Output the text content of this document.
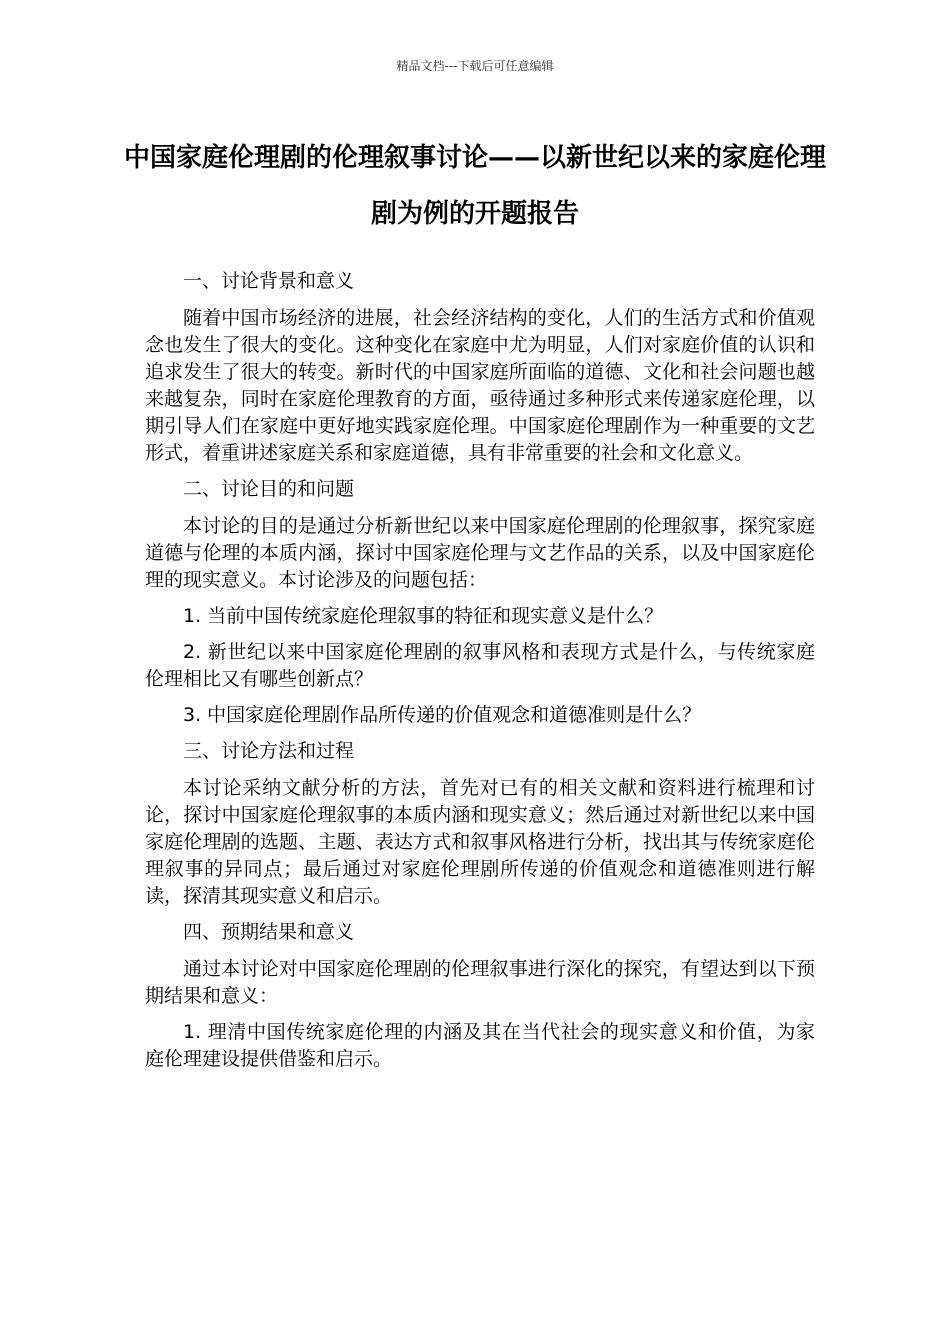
精品文档---下载后可任意编辑
中国家庭伦理剧的伦理叙事讨论——以新世纪以来的家庭伦理剧为例的开题报告

一、讨论背景和意义

随着中国市场经济的进展，社会经济结构的变化，人们的生活方式和价值观念也发生了很大的变化。这种变化在家庭中尤为明显，人们对家庭价值的认识和追求发生了很大的转变。新时代的中国家庭所面临的道德、文化和社会问题也越来越复杂，同时在家庭伦理教育的方面，亟待通过多种形式来传递家庭伦理，以期引导人们在家庭中更好地实践家庭伦理。中国家庭伦理剧作为一种重要的文艺形式，着重讲述家庭关系和家庭道德，具有非常重要的社会和文化意义。

二、讨论目的和问题

本讨论的目的是通过分析新世纪以来中国家庭伦理剧的伦理叙事，探究家庭道德与伦理的本质内涵，探讨中国家庭伦理与文艺作品的关系，以及中国家庭伦理的现实意义。本讨论涉及的问题包括：

1. 当前中国传统家庭伦理叙事的特征和现实意义是什么？

2. 新世纪以来中国家庭伦理剧的叙事风格和表现方式是什么，与传统家庭伦理相比又有哪些创新点？

3. 中国家庭伦理剧作品所传递的价值观念和道德准则是什么？

三、讨论方法和过程

本讨论采纳文献分析的方法，首先对已有的相关文献和资料进行梳理和讨论，探讨中国家庭伦理叙事的本质内涵和现实意义；然后通过对新世纪以来中国家庭伦理剧的选题、主题、表达方式和叙事风格进行分析，找出其与传统家庭伦理叙事的异同点；最后通过对家庭伦理剧所传递的价值观念和道德准则进行解读，探清其现实意义和启示。

四、预期结果和意义

通过本讨论对中国家庭伦理剧的伦理叙事进行深化的探究，有望达到以下预期结果和意义：

1. 理清中国传统家庭伦理的内涵及其在当代社会的现实意义和价值，为家庭伦理建设提供借鉴和启示。
